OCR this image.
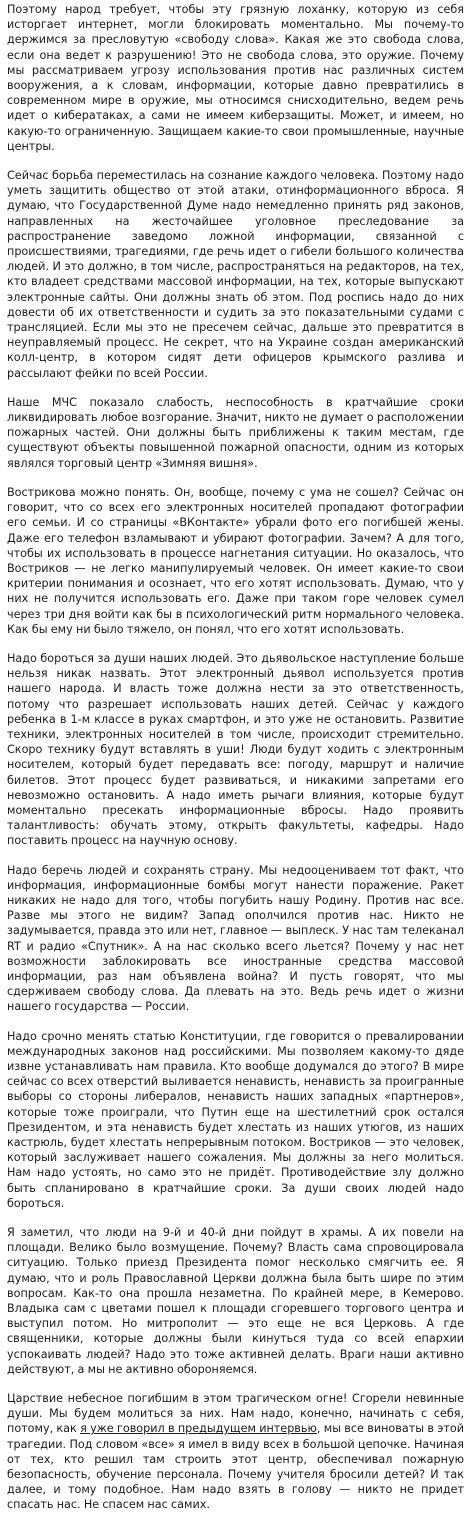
Поэтому народ требует, чтобы эту грязную лоханку, которую из себя исторгает интернет, могли блокировать моментально. Мы почему-то держимся за пресловутую «свободу слова». Какая же это свобода слова, если она ведет к разрушению! Это не свобода слова, это оружие. Почему мы рассматриваем угрозу использования против нас различных систем вооружения, а к словам, информации, которые давно превратились в современном мире в оружие, мы относимся снисходительно, ведем речь идет о кибератаках, а сами не имеем киберзащиты. Может, и имеем, но какую-то ограниченную. Защищаем какие-то свои промышленные, научные центры.

Сейчас борьба переместилась на сознание каждого человека. Поэтому надо уметь защитить общество от этой атаки, отинформационного вброса. Я думаю, что Государственной Думе надо немедленно принять ряд законов, направленных на жесточайшее уголовное преследование за распространение заведомо ложной информации, связанной с происшествиями, трагедиями, где речь идет о гибели большого количества людей. И это должно, в том числе, распространяться на редакторов, на тех, кто владеет средствами массовой информации, на тех, которые выпускают электронные сайты. Они должны знать об этом. Под роспись надо до них довести об их ответственности и судить за это показательными судами с трансляцией. Если мы это не пресечем сейчас, дальше это превратится в неуправляемый процесс. Не секрет, что на Украине создан американский колл-центр, в котором сидят дети офицеров крымского разлива и рассылают фейки по всей России.

Наше МЧС показало слабость, неспособность в кратчайшие сроки ликвидировать любое возгорание. Значит, никто не думает о расположении пожарных частей. Они должны быть приближены к таким местам, где существуют объекты повышенной пожарной опасности, одним из которых являлся торговый центр «Зимняя вишня».

Вострикова можно понять. Он, вообще, почему с ума не сошел? Сейчас он говорит, что со всех его электронных носителей пропадают фотографии его семьи. И со страницы «ВКонтакте» убрали фото его погибшей жены. Даже его телефон взламывают и убирают фотографии. Зачем? А для того, чтобы их использовать в процессе нагнетания ситуации. Но оказалось, что Востриков — не легко манипулируемый человек. Он имеет какие-то свои критерии понимания и осознает, что его хотят использовать. Думаю, что у них не получится использовать его. Даже при таком горе человек сумел через три дня войти как бы в психологический ритм нормального человека. Как бы ему ни было тяжело, он понял, что его хотят использовать.

Надо бороться за души наших людей. Это дьявольское наступление больше нельзя никак назвать. Этот электронный дьявол используется против нашего народа. И власть тоже должна нести за это ответственность, потому что разрешает использовать наших детей. Сейчас у каждого ребенка в 1-м классе в руках смартфон, и это уже не остановить. Развитие техники, электронных носителей в том числе, происходит стремительно. Скоро технику будут вставлять в уши! Люди будут ходить с электронным носителем, который будет передавать все: погоду, маршрут и наличие билетов. Этот процесс будет развиваться, и никакими запретами его невозможно остановить. А надо иметь рычаги влияния, которые будут моментально пресекать информационные вбросы. Надо проявить талантливость: обучать этому, открыть факультеты, кафедры. Надо поставить процесс на научную основу.

Надо беречь людей и сохранять страну. Мы недооцениваем тот факт, что информация, информационные бомбы могут нанести поражение. Ракет никаких не надо для того, чтобы погубить нашу Родину. Против нас все. Разве мы этого не видим? Запад ополчился против нас. Никто не задумывается, правда это или нет, главное — выплеск. У нас там телеканал RT и радио «Спутник». А на нас сколько всего льется? Почему у нас нет возможности заблокировать все иностранные средства массовой информации, раз нам объявлена война? И пусть говорят, что мы сдерживаем свободу слова. Да плевать на это. Ведь речь идет о жизни нашего государства — России.

Надо срочно менять статью Конституции, где говорится о превалировании международных законов над российскими. Мы позволяем какому-то дяде извне устанавливать нам правила. Кто вообще додумался до этого? В мире сейчас со всех отверстий выливается ненависть, ненависть за проигранные выборы со стороны либералов, ненависть наших западных «партнеров», которые тоже проиграли, что Путин еще на шестилетний срок остался Президентом, и эта ненависть будет хлестать из наших утюгов, из наших кастрюль, будет хлестать непрерывным потоком. Востриков — это человек, который заслуживает нашего сожаления. Мы должны за него молиться. Нам надо устоять, но само это не придёт. Противодействие злу должно быть спланировано в кратчайшие сроки. За души своих людей надо бороться.

Я заметил, что люди на 9-й и 40-й дни пойдут в храмы. А их повели на площади. Велико было возмущение. Почему? Власть сама спровоцировала ситуацию. Только приезд Президента помог несколько смягчить ее. Я думаю, что и роль Православной Церкви должна была быть шире по этим вопросам. Как-то она прошла незаметна. По крайней мере, в Кемерово. Владыка сам с цветами пошел к площади сгоревшего торгового центра и выступил потом. Но митрополит — это еще не вся Церковь. А где священники, которые должны были кинуться туда со всей епархии успокаивать людей? Надо это тоже активней делать. Враги наши активно действуют, а мы не активно обороняемся.

Царствие небесное погибшим в этом трагическом огне! Сгорели невинные души. Мы будем молиться за них. Нам надо, конечно, начинать с себя, потому, как я уже говорил в предыдущем интервью, мы все виноваты в этой трагедии. Под словом «все» я имел в виду всех в большой цепочке. Начиная от тех, кто решил там строить этот центр, обеспечивал пожарную безопасность, обучение персонала. Почему учителя бросили детей? И так далее, и тому подобное. Нам надо взять в голову — никто не придет спасать нас. Не спасем нас самих.
